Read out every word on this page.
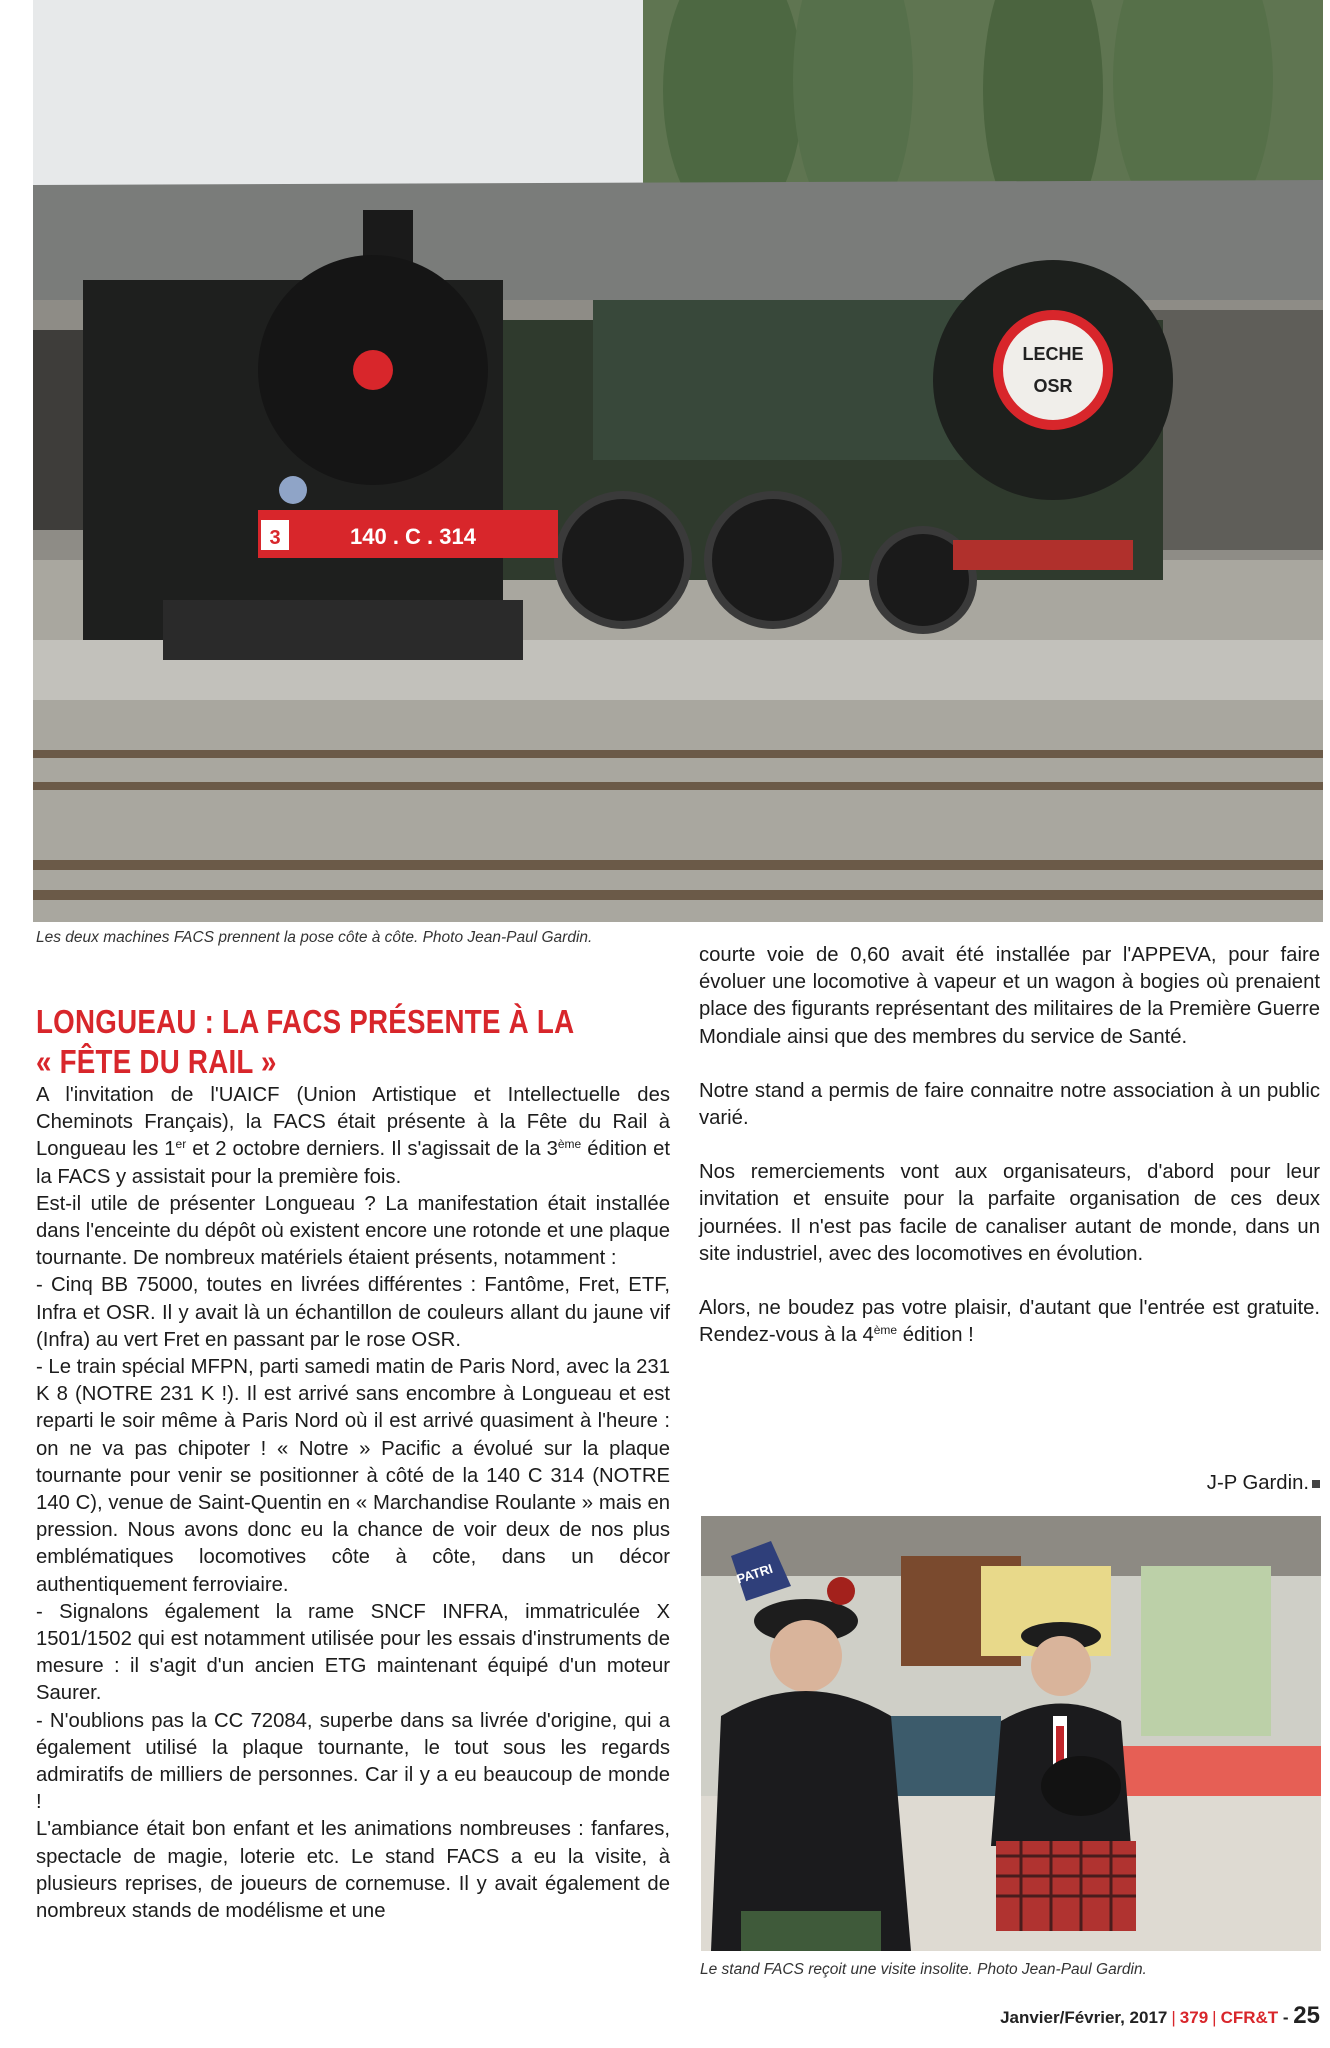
LECHE
OSR
3	140 . C . 314

Les deux machines FACS prennent la pose côte à côte. Photo Jean-Paul Gardin.

LONGUEAU : LA FACS PRÉSENTE À LA « FÊTE DU RAIL »

A l'invitation de l'UAICF (Union Artistique et Intellectuelle des Cheminots Français), la FACS était présente à la Fête du Rail à Longueau les 1er et 2 octobre derniers. Il s'agissait de la 3ème édition et la FACS y assistait pour la première fois.

Est-il utile de présenter Longueau ? La manifestation était installée dans l'enceinte du dépôt où existent encore une rotonde et une plaque tournante. De nombreux matériels étaient présents, notamment :

- Cinq BB 75000, toutes en livrées différentes : Fantôme, Fret, ETF, Infra et OSR. Il y avait là un échantillon de couleurs allant du jaune vif (Infra) au vert Fret en passant par le rose OSR.

- Le train spécial MFPN, parti samedi matin de Paris Nord, avec la 231 K 8 (NOTRE 231 K !). Il est arrivé sans encombre à Longueau et est reparti le soir même à Paris Nord où il est arrivé quasiment à l'heure : on ne va pas chipoter ! « Notre » Pacific a évolué sur la plaque tournante pour venir se positionner à côté de la 140 C 314 (NOTRE 140 C), venue de Saint-Quentin en « Marchandise Roulante » mais en pression. Nous avons donc eu la chance de voir deux de nos plus emblématiques locomotives côte à côte, dans un décor authentiquement ferroviaire.

- Signalons également la rame SNCF INFRA, immatriculée X 1501/1502 qui est notamment utilisée pour les essais d'instruments de mesure : il s'agit d'un ancien ETG maintenant équipé d'un moteur Saurer.

- N'oublions pas la CC 72084, superbe dans sa livrée d'origine, qui a également utilisé la plaque tournante, le tout sous les regards admiratifs de milliers de personnes. Car il y a eu beaucoup de monde !

L'ambiance était bon enfant et les animations nombreuses : fanfares, spectacle de magie, loterie etc. Le stand FACS a eu la visite, à plusieurs reprises, de joueurs de cornemuse. Il y avait également de nombreux stands de modélisme et une

courte voie de 0,60 avait été installée par l'APPEVA, pour faire évoluer une locomotive à vapeur et un wagon à bogies où prenaient place des figurants représentant des militaires de la Première Guerre Mondiale ainsi que des membres du service de Santé.

Notre stand a permis de faire connaitre notre association à un public varié.

Nos remerciements vont aux organisateurs, d'abord pour leur invitation et ensuite pour la parfaite organisation de ces deux journées. Il n'est pas facile de canaliser autant de monde, dans un site industriel, avec des locomotives en évolution.

Alors, ne boudez pas votre plaisir, d'autant que l'entrée est gratuite. Rendez-vous à la 4ème édition !

J-P Gardin.
PATRI

Le stand FACS reçoit une visite insolite. Photo Jean-Paul Gardin.

Janvier/Février, 2017 | 379 | CFR&T - 25
